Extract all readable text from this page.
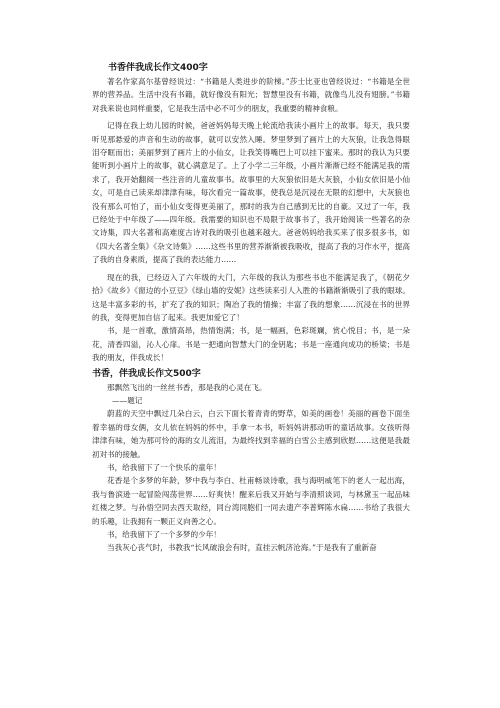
书香伴我成长作文400字

著名作家高尔基曾经说过：“书籍是人类进步的阶梯。”莎士比亚也曾经说过：“书籍是全世界的营养品。生活中没有书籍，就好像没有阳光；智慧里没有书籍，就像鸟儿没有翅膀。”书籍对我来说也同样重要，它是我生活中必不可少的朋友，我重要的精神食粮。

记得在我上幼儿园的时候，爸爸妈妈每天晚上轮流给我读小画片上的故事。每天，我只要听见那悬爱的声音和生动的故事，就可以安然入睡。梦里梦到了画片上的大灰狼，让我急得眼泪夺眶而出；美丽梦到了画片上的小仙女，让我笑得嘴巴上可以挂下蜜来。那时的我认为只要能听到小画片上的故事，就心满意足了。上了小学二三年级，小画片渐渐已经不能满足我的需求了，我开始翻阅一些注音的儿童故事书。故事里的大灰狼依旧是大灰狼，小仙女依旧是小仙女，可是自己读来却津津有味，每次看完一篇故事，使我总是沉浸在无限的幻想中，大灰狼也没有那么可怕了，而小仙女变得更美丽了，那时的我为自己感到无比的自豪。又过了一年，我已经处于中年级了——四年级。我需要的知识也不局限于故事书了，我开始阅读一些著名的杂文诗集，四大名著和高难度古诗对我的吸引也越来越大。爸爸妈妈给我买来了很多很多书，如《四大名著全集》《杂文诗集》……这些书里的营养渐渐被我吸收，提高了我的习作水平，提高了我的自身素质，提高了我的表达能力……

现在的我，已经迈入了六年级的大门，六年级的我认为那些书也不能满足我了，《朝花夕拾》《故乡》《窗边的小豆豆》《绿山墙的安妮》这些读来引人入胜的书籍渐渐吸引了我的眼球。这是丰富多彩的书，扩充了我的知识；陶冶了我的情操；丰富了我的想象……沉浸在书的世界的我，变得更加自信了起来。我更加爱它了！

书，是一首歌，激情高昂，热情饱满；书，是一幅画，色彩斑斓，赏心悦目；书，是一朵花，清香四溢，沁人心扉。书是一把通向智慧大门的金钥匙；书是一座通向成功的桥梁；书是我的朋友，伴我成长！

书香，伴我成长作文500字

那飘然飞出的一丝丝书香，那是我的心灵在飞。

——题记

蔚蓝的天空中飘过几朵白云，白云下面长着青青的野草，如美的画卷！美丽的画卷下面坐着幸福的母女俩，女儿依在妈妈的怀中，手拿一本书，听妈妈讲那动听的童话故事。女孩听得津津有味，她为那可怜的海的女儿流泪，为最终找到幸福的白雪公主感到欣慰……这便是我最初对书的接触。

书，给我留下了一个快乐的童年！

花香是个多梦的年龄，梦中我与李白、杜甫畅谈诗歌，我与海明威笔下的老人一起出海，我与鲁滨逊一起冒险闯荡世界……好爽快！醒来后我又开始与李清照谈词，与林黛玉一起品味红楼之梦。与孙悟空同去西天取经，同台湾同胞们一同去遗产李普辉陈水扁……书给了我很大的乐趣，让我拥有一颗正义向善之心。

书，给我留下了一个多梦的少年！

当我灰心丧气时，书教我“长风破浪会有时，直挂云帆济沧海。”于是我有了重新奋
